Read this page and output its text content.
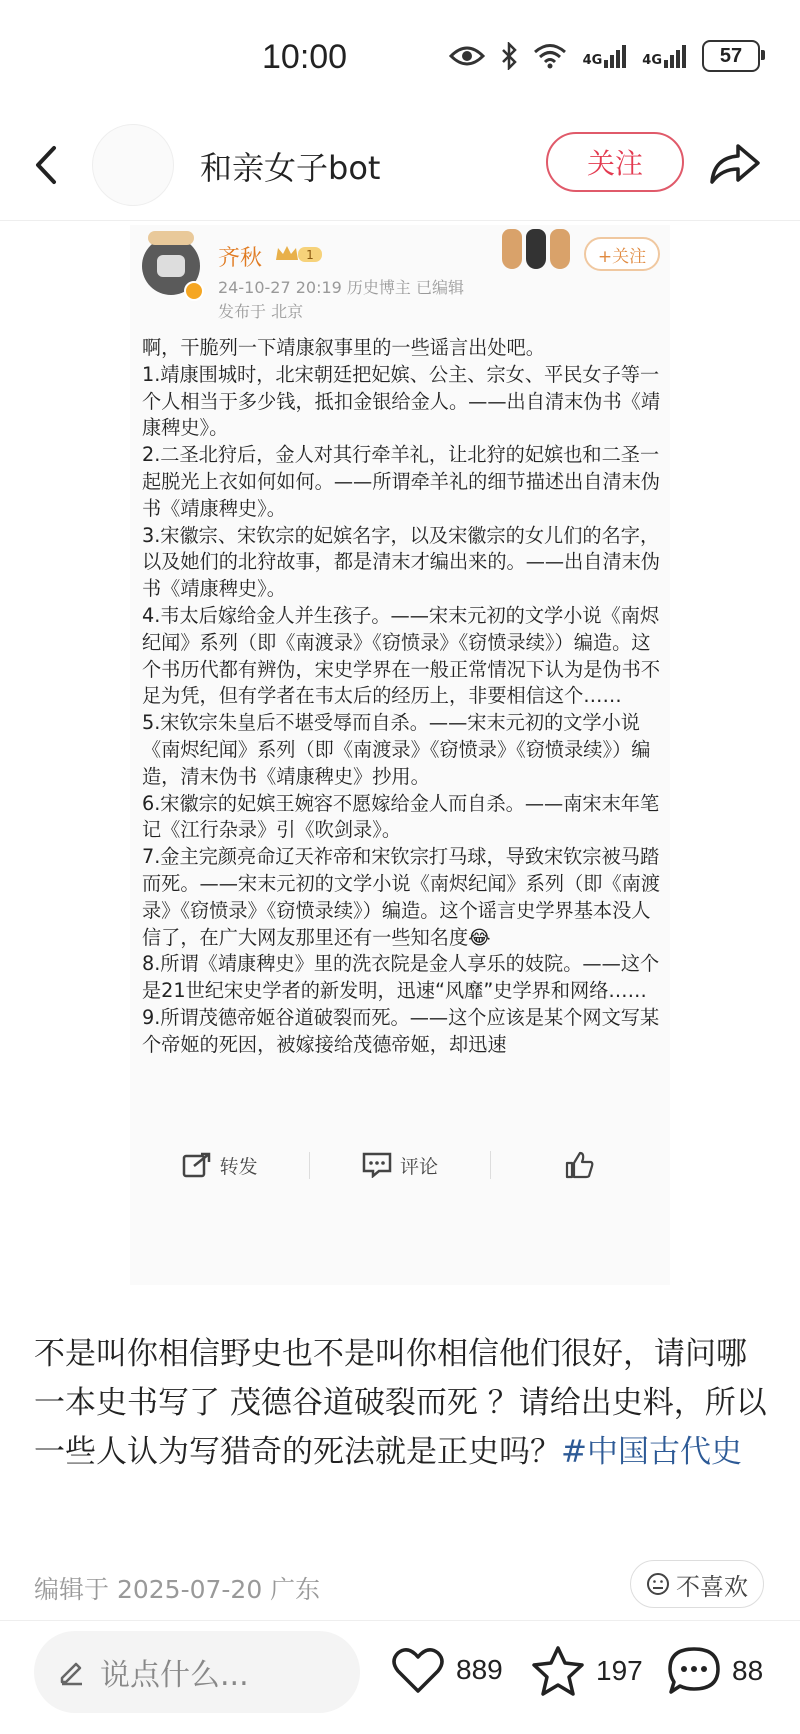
10:00	4G	4G	57
和亲女子bot	关注
齐秋	1
24-10-27 20:19 历史博主 已编辑
发布于 北京
+关注

啊，干脆列一下靖康叙事里的一些谣言出处吧。

1.靖康围城时，北宋朝廷把妃嫔、公主、宗女、平民女子等一个人相当于多少钱，抵扣金银给金人。——出自清末伪书《靖康稗史》。

2.二圣北狩后，金人对其行牵羊礼，让北狩的妃嫔也和二圣一起脱光上衣如何如何。——所谓牵羊礼的细节描述出自清末伪书《靖康稗史》。

3.宋徽宗、宋钦宗的妃嫔名字，以及宋徽宗的女儿们的名字，以及她们的北狩故事，都是清末才编出来的。——出自清末伪书《靖康稗史》。

4.韦太后嫁给金人并生孩子。——宋末元初的文学小说《南烬纪闻》系列（即《南渡录》《窃愤录》《窃愤录续》）编造。这个书历代都有辨伪，宋史学界在一般正常情况下认为是伪书不足为凭，但有学者在韦太后的经历上，非要相信这个……

5.宋钦宗朱皇后不堪受辱而自杀。——宋末元初的文学小说《南烬纪闻》系列（即《南渡录》《窃愤录》《窃愤录续》）编造，清末伪书《靖康稗史》抄用。

6.宋徽宗的妃嫔王婉容不愿嫁给金人而自杀。——南宋末年笔记《江行杂录》引《吹剑录》。

7.金主完颜亮命辽天祚帝和宋钦宗打马球，导致宋钦宗被马踏而死。——宋末元初的文学小说《南烬纪闻》系列（即《南渡录》《窃愤录》《窃愤录续》）编造。这个谣言史学界基本没人信了，在广大网友那里还有一些知名度😂

8.所谓《靖康稗史》里的洗衣院是金人享乐的妓院。——这个是21世纪宋史学者的新发明，迅速“风靡”史学界和网络……

9.所谓茂德帝姬谷道破裂而死。——这个应该是某个网文写某个帝姬的死因，被嫁接给茂德帝姬，却迅速

转发	评论
不是叫你相信野史也不是叫你相信他们很好，请问哪一本史书写了 茂德谷道破裂而死 ？请给出史料，所以一些人认为写猎奇的死法就是正史吗？#中国古代史
编辑于 2025-07-20 广东	不喜欢
说点什么...	889	197	88
